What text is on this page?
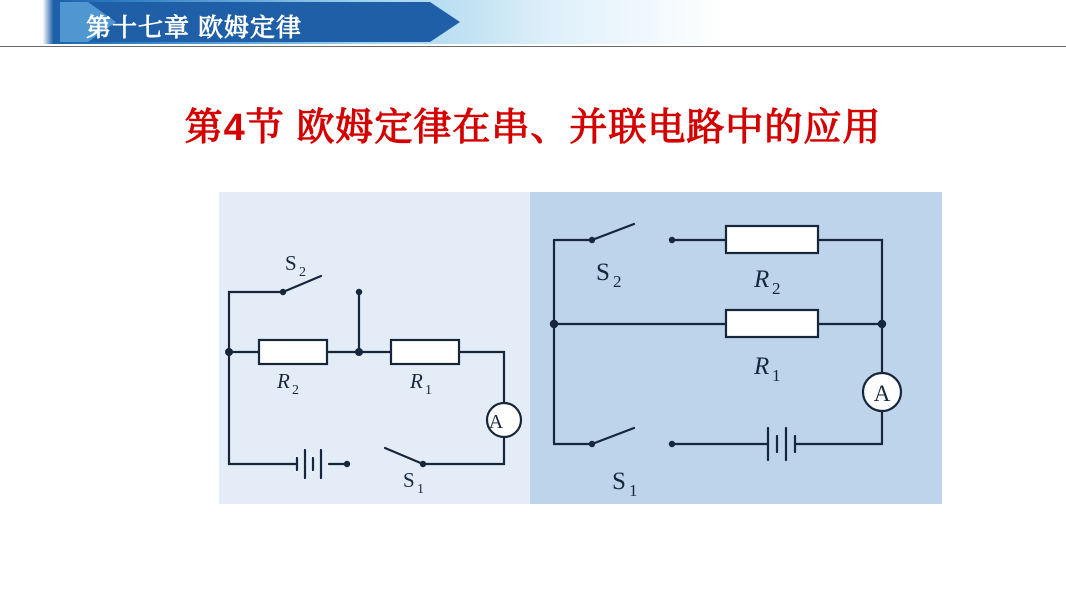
第十七章 欧姆定律
第4节 欧姆定律在串、并联电路中的应用
S 2
R 2	R 1
A
S 1
S 2	R 2
R 1
A
S 1
